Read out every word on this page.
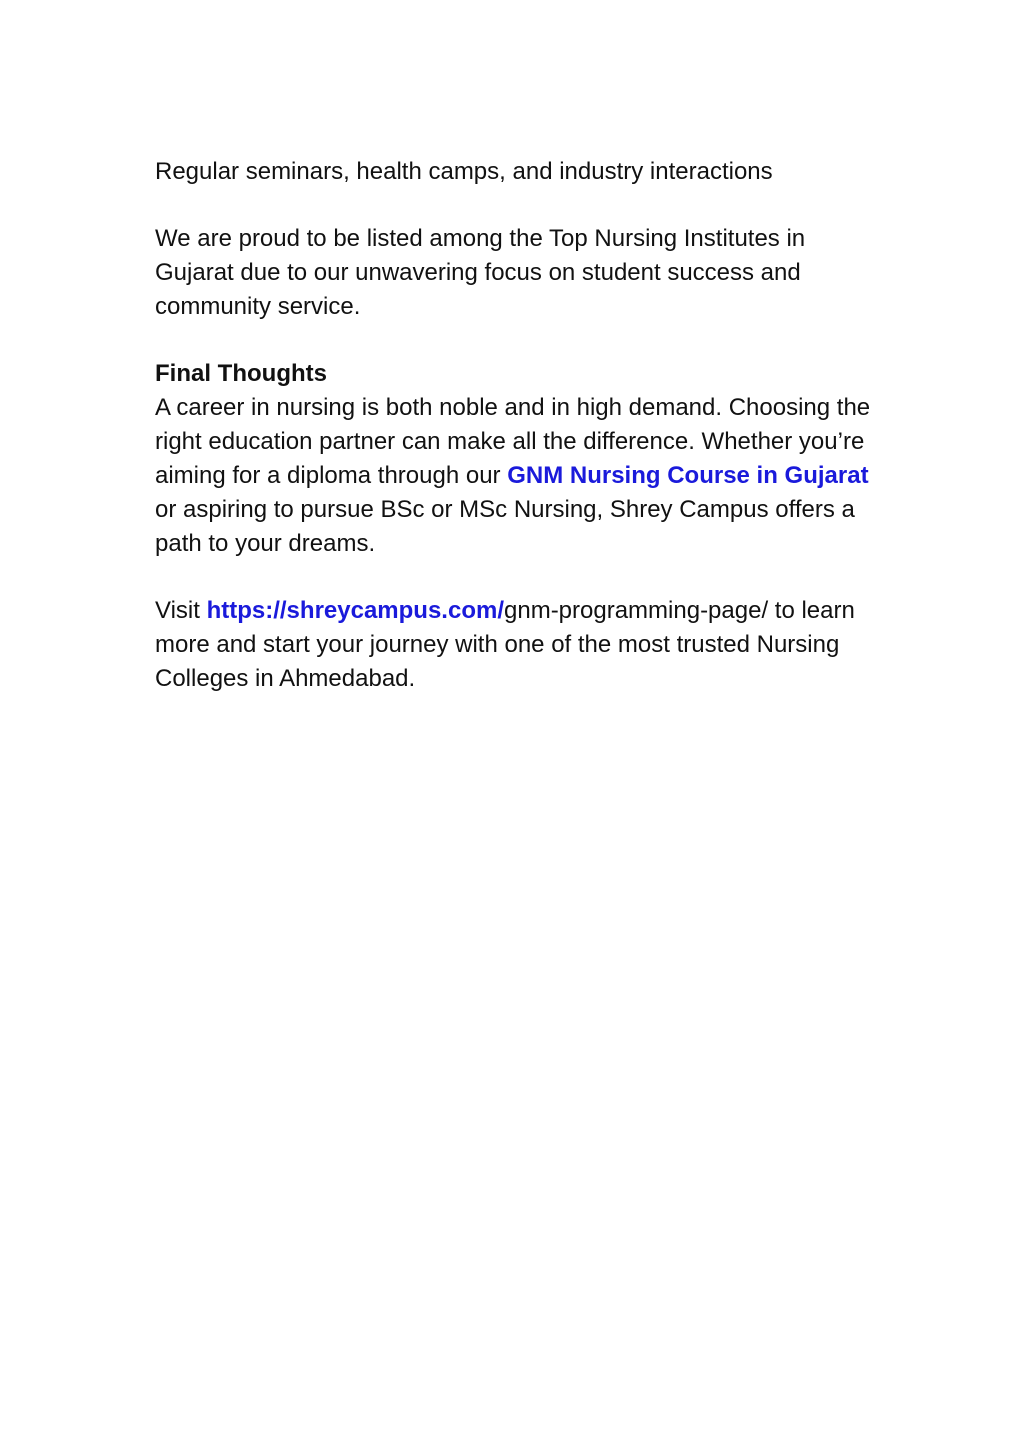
Regular seminars, health camps, and industry interactions

We are proud to be listed among the Top Nursing Institutes in Gujarat due to our unwavering focus on student success and community service.

Final Thoughts

A career in nursing is both noble and in high demand. Choosing the right education partner can make all the difference. Whether you’re aiming for a diploma through our GNM Nursing Course in Gujarat or aspiring to pursue BSc or MSc Nursing, Shrey Campus offers a path to your dreams.

Visit https://shreycampus.com/gnm-programming-page/ to learn more and start your journey with one of the most trusted Nursing Colleges in Ahmedabad.
